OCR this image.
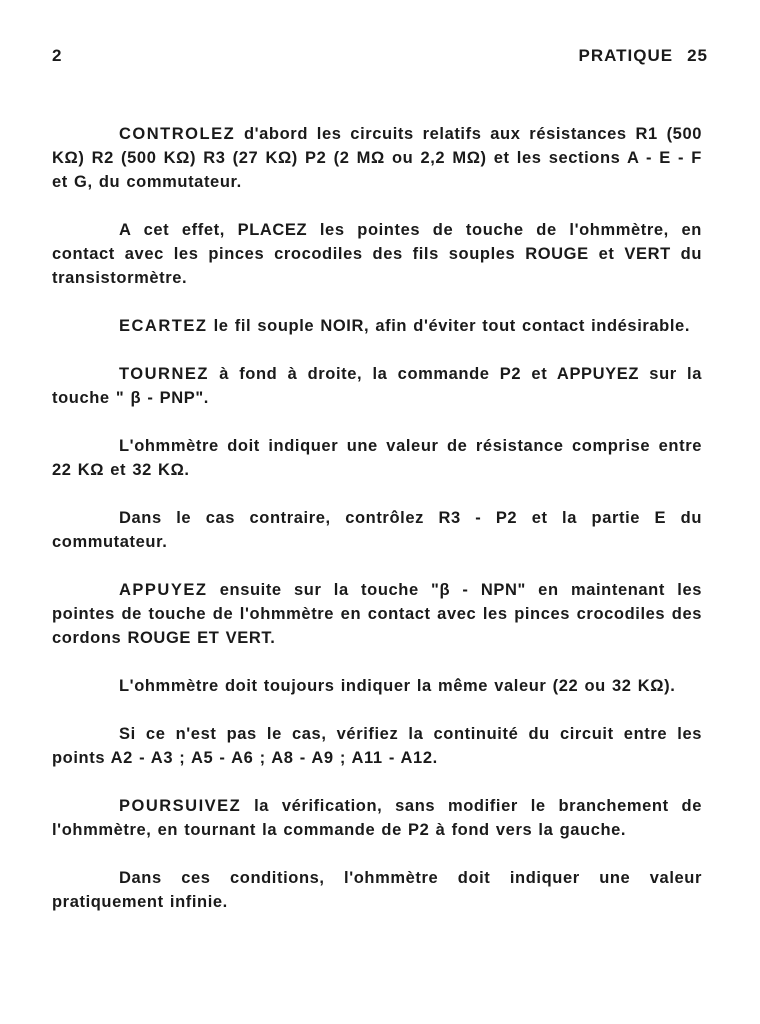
2	PRATIQUE 25

CONTROLEZ d'abord les circuits relatifs aux résistances R1 (500 KΩ) R2 (500 KΩ) R3 (27 KΩ) P2 (2 MΩ ou 2,2 MΩ) et les sections A - E - F et G, du commutateur.

A cet effet, PLACEZ les pointes de touche de l'ohmmètre, en contact avec les pinces crocodiles des fils souples ROUGE et VERT du transistormètre.

ECARTEZ le fil souple NOIR, afin d'éviter tout contact indésirable.

TOURNEZ à fond à droite, la commande P2 et APPUYEZ sur la touche " β - PNP".

L'ohmmètre doit indiquer une valeur de résistance comprise entre 22 KΩ et 32 KΩ.

Dans le cas contraire, contrôlez R3 - P2 et la partie E du commutateur.

APPUYEZ ensuite sur la touche "β - NPN" en maintenant les pointes de touche de l'ohmmètre en contact avec les pinces crocodiles des cordons ROUGE ET VERT.

L'ohmmètre doit toujours indiquer la même valeur (22 ou 32 KΩ).

Si ce n'est pas le cas, vérifiez la continuité du circuit entre les points A2 - A3 ; A5 - A6 ; A8 - A9 ; A11 - A12.

POURSUIVEZ la vérification, sans modifier le branchement de l'ohmmètre, en tournant la commande de P2 à fond vers la gauche.

Dans ces conditions, l'ohmmètre doit indiquer une valeur pratiquement infinie.
